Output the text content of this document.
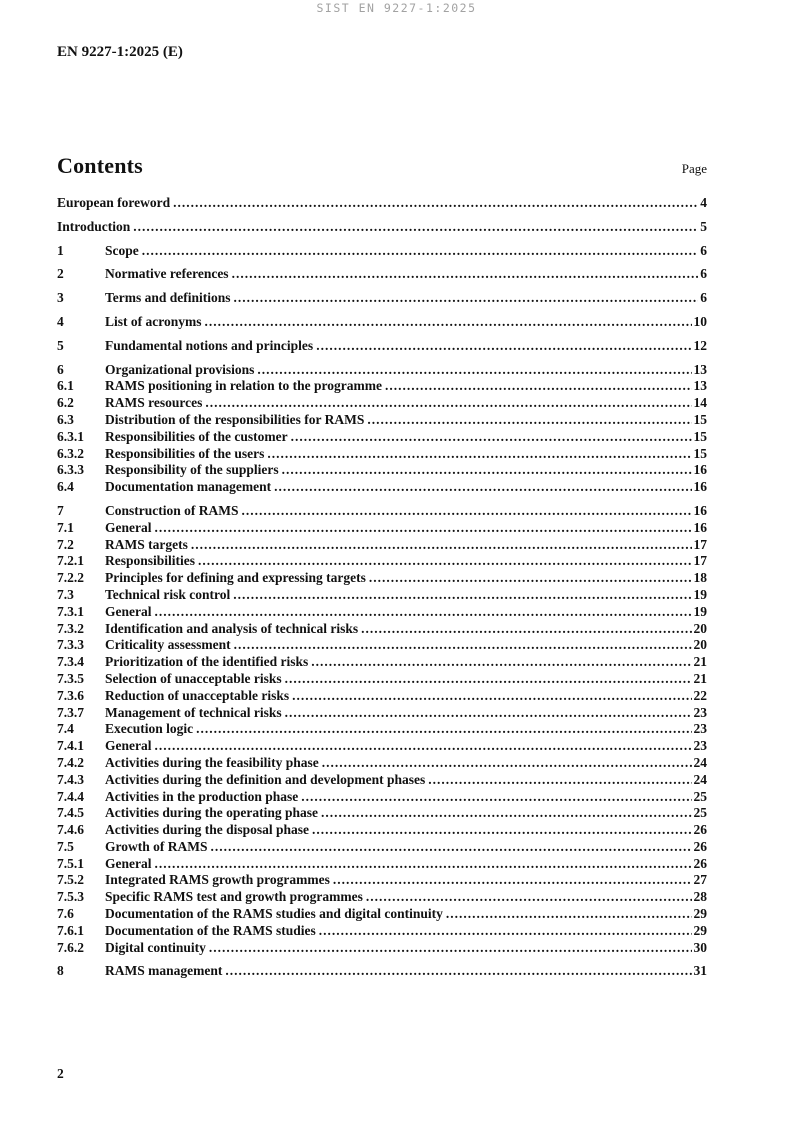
SIST EN 9227-1:2025
EN 9227-1:2025 (E)
Contents	Page
European foreword .....	4
Introduction .....	5
1	Scope .....	6
2	Normative references .....	6
3	Terms and definitions .....	6
4	List of acronyms .....	10
5	Fundamental notions and principles .....	12
6	Organizational provisions .....	13
6.1	RAMS positioning in relation to the programme .....	13
6.2	RAMS resources .....	14
6.3	Distribution of the responsibilities for RAMS .....	15
6.3.1	Responsibilities of the customer .....	15
6.3.2	Responsibilities of the users .....	15
6.3.3	Responsibility of the suppliers .....	16
6.4	Documentation management .....	16
7	Construction of RAMS .....	16
7.1	General .....	16
7.2	RAMS targets .....	17
7.2.1	Responsibilities .....	17
7.2.2	Principles for defining and expressing targets .....	18
7.3	Technical risk control .....	19
7.3.1	General .....	19
7.3.2	Identification and analysis of technical risks .....	20
7.3.3	Criticality assessment .....	20
7.3.4	Prioritization of the identified risks .....	21
7.3.5	Selection of unacceptable risks .....	21
7.3.6	Reduction of unacceptable risks .....	22
7.3.7	Management of technical risks .....	23
7.4	Execution logic .....	23
7.4.1	General .....	23
7.4.2	Activities during the feasibility phase .....	24
7.4.3	Activities during the definition and development phases .....	24
7.4.4	Activities in the production phase .....	25
7.4.5	Activities during the operating phase .....	25
7.4.6	Activities during the disposal phase .....	26
7.5	Growth of RAMS .....	26
7.5.1	General .....	26
7.5.2	Integrated RAMS growth programmes .....	27
7.5.3	Specific RAMS test and growth programmes .....	28
7.6	Documentation of the RAMS studies and digital continuity .....	29
7.6.1	Documentation of the RAMS studies .....	29
7.6.2	Digital continuity .....	30
8	RAMS management .....	31
2
